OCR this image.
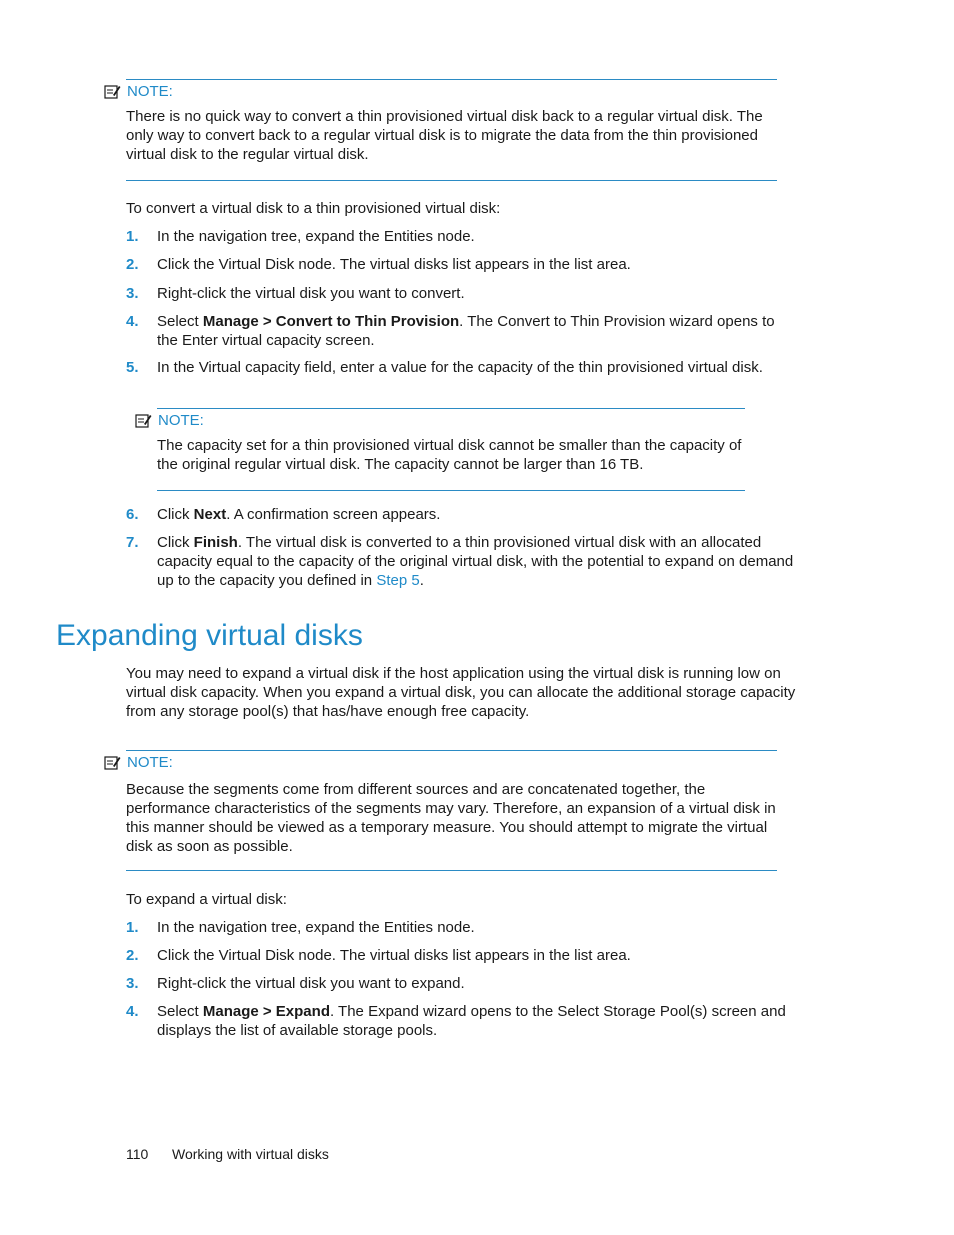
NOTE:
There is no quick way to convert a thin provisioned virtual disk back to a regular virtual disk. The only way to convert back to a regular virtual disk is to migrate the data from the thin provisioned virtual disk to the regular virtual disk.
To convert a virtual disk to a thin provisioned virtual disk:
1. In the navigation tree, expand the Entities node.
2. Click the Virtual Disk node. The virtual disks list appears in the list area.
3. Right-click the virtual disk you want to convert.
4. Select Manage > Convert to Thin Provision. The Convert to Thin Provision wizard opens to the Enter virtual capacity screen.
5. In the Virtual capacity field, enter a value for the capacity of the thin provisioned virtual disk.
NOTE:
The capacity set for a thin provisioned virtual disk cannot be smaller than the capacity of the original regular virtual disk. The capacity cannot be larger than 16 TB.
6. Click Next. A confirmation screen appears.
7. Click Finish. The virtual disk is converted to a thin provisioned virtual disk with an allocated capacity equal to the capacity of the original virtual disk, with the potential to expand on demand up to the capacity you defined in Step 5.
Expanding virtual disks
You may need to expand a virtual disk if the host application using the virtual disk is running low on virtual disk capacity. When you expand a virtual disk, you can allocate the additional storage capacity from any storage pool(s) that has/have enough free capacity.
NOTE:
Because the segments come from different sources and are concatenated together, the performance characteristics of the segments may vary. Therefore, an expansion of a virtual disk in this manner should be viewed as a temporary measure. You should attempt to migrate the virtual disk as soon as possible.
To expand a virtual disk:
1. In the navigation tree, expand the Entities node.
2. Click the Virtual Disk node. The virtual disks list appears in the list area.
3. Right-click the virtual disk you want to expand.
4. Select Manage > Expand. The Expand wizard opens to the Select Storage Pool(s) screen and displays the list of available storage pools.
110 Working with virtual disks
